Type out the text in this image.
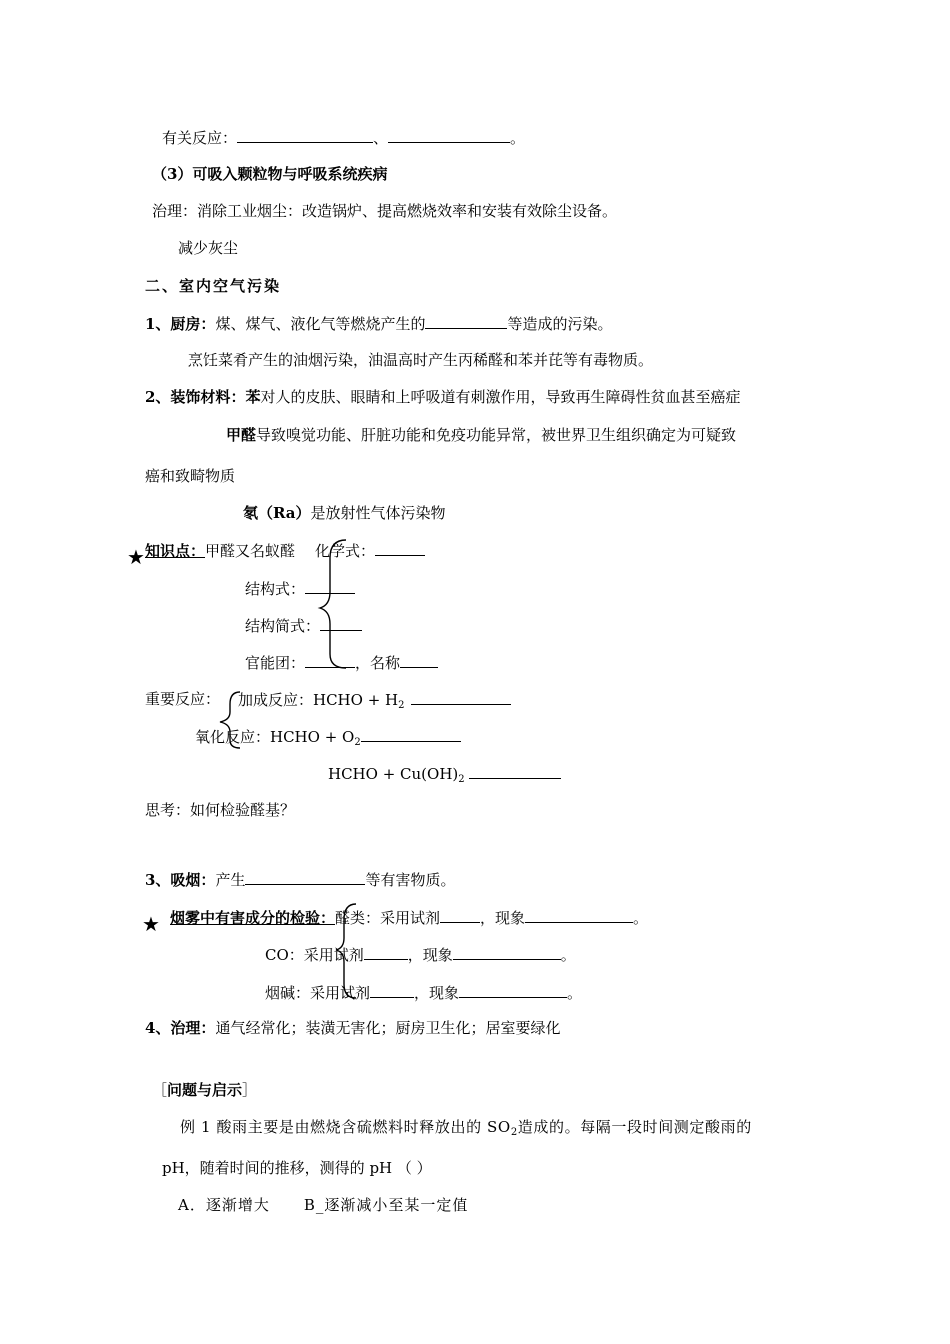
有关反应：	、	。
（3）可吸入颗粒物与呼吸系统疾病
治理：消除工业烟尘：改造锅炉、提高燃烧效率和安装有效除尘设备。
减少灰尘
二、室内空气污染
1、厨房：煤、煤气、液化气等燃烧产生的	等造成的污染。
烹饪菜肴产生的油烟污染，油温高时产生丙稀醛和苯并芘等有毒物质。
2、装饰材料：苯对人的皮肤、眼睛和上呼吸道有刺激作用，导致再生障碍性贫血甚至癌症
甲醛导致嗅觉功能、肝脏功能和免疫功能异常，被世界卫生组织确定为可疑致
癌和致畸物质
氡（Ra）是放射性气体污染物
★ 知识点：甲醛又名蚁醛 化学式：
结构式：
结构简式：
官能团：	，名称
重要反应： 加成反应：HCHO + $H_2$
氧化反应：HCHO + $O_2$
HCHO + $Cu(OH)_2$
思考：如何检验醛基？
3、吸烟：产生	等有害物质。
★ 烟雾中有害成分的检验：醛类：采用试剂	，现象	。
CO：采用试剂	，现象	。
烟碱：采用试剂	，现象	。
4、治理：通气经常化；装潢无害化；厨房卫生化；居室要绿化
［问题与启示］
例 1 酸雨主要是由燃烧含硫燃料时释放出的 $SO_2$造成的。每隔一段时间测定酸雨的
pH，随着时间的推移，测得的 pH （ ）
A．逐渐增大 B_逐渐减小至某一定值
